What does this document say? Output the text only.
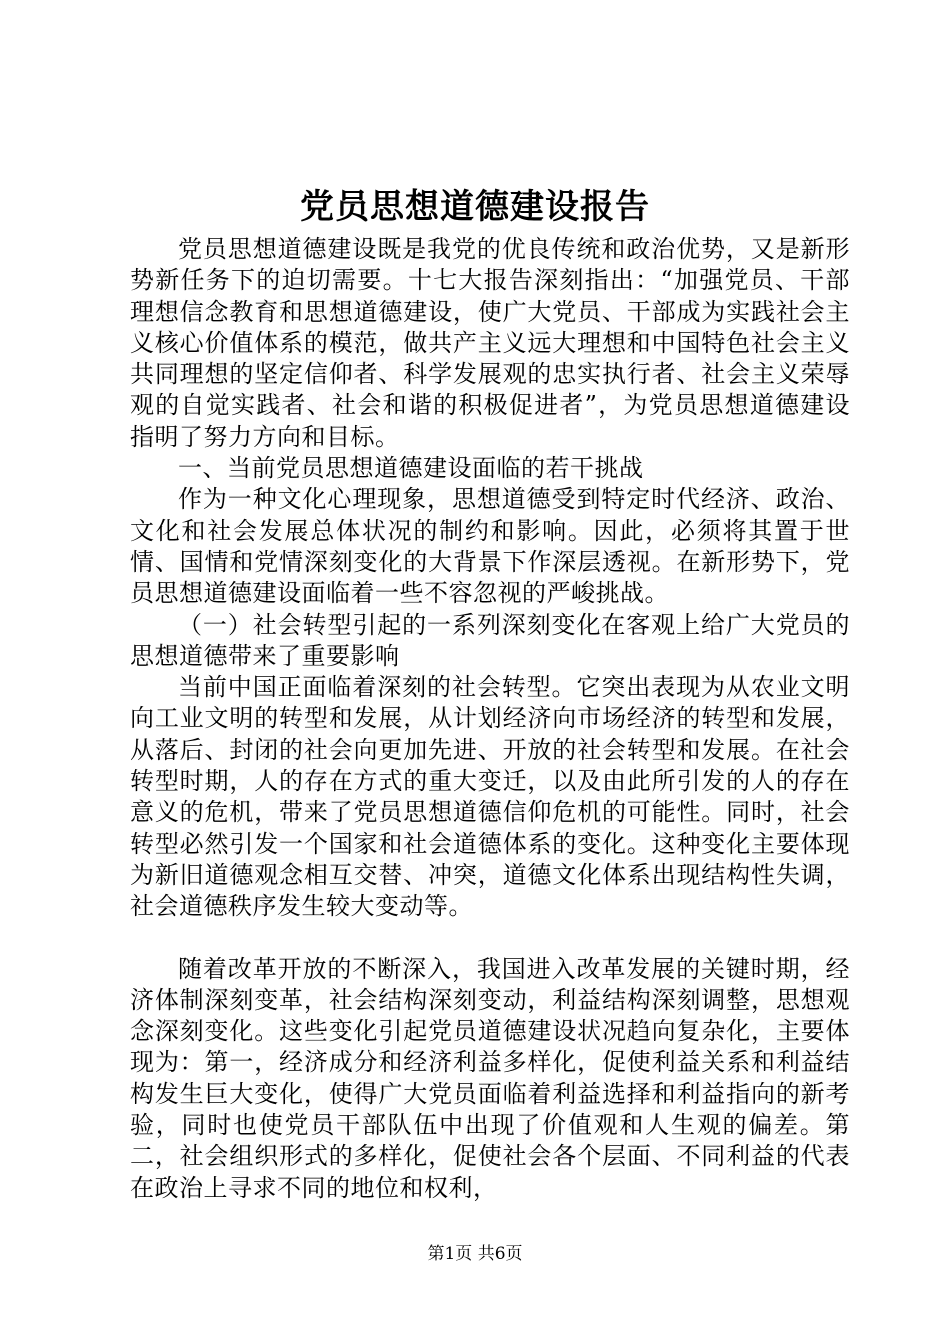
党员思想道德建设报告

党员思想道德建设既是我党的优良传统和政治优势，又是新形势新任务下的迫切需要。十七大报告深刻指出：“加强党员、干部理想信念教育和思想道德建设，使广大党员、干部成为实践社会主义核心价值体系的模范，做共产主义远大理想和中国特色社会主义共同理想的坚定信仰者、科学发展观的忠实执行者、社会主义荣辱观的自觉实践者、社会和谐的积极促进者”，为党员思想道德建设指明了努力方向和目标。

一、当前党员思想道德建设面临的若干挑战

作为一种文化心理现象，思想道德受到特定时代经济、政治、文化和社会发展总体状况的制约和影响。因此，必须将其置于世情、国情和党情深刻变化的大背景下作深层透视。在新形势下，党员思想道德建设面临着一些不容忽视的严峻挑战。

（一）社会转型引起的一系列深刻变化在客观上给广大党员的思想道德带来了重要影响

当前中国正面临着深刻的社会转型。它突出表现为从农业文明向工业文明的转型和发展，从计划经济向市场经济的转型和发展，从落后、封闭的社会向更加先进、开放的社会转型和发展。在社会转型时期，人的存在方式的重大变迁，以及由此所引发的人的存在意义的危机，带来了党员思想道德信仰危机的可能性。同时，社会转型必然引发一个国家和社会道德体系的变化。这种变化主要体现为新旧道德观念相互交替、冲突，道德文化体系出现结构性失调，社会道德秩序发生较大变动等。

随着改革开放的不断深入，我国进入改革发展的关键时期，经济体制深刻变革，社会结构深刻变动，利益结构深刻调整，思想观念深刻变化。这些变化引起党员道德建设状况趋向复杂化，主要体现为：第一，经济成分和经济利益多样化，促使利益关系和利益结构发生巨大变化，使得广大党员面临着利益选择和利益指向的新考验，同时也使党员干部队伍中出现了价值观和人生观的偏差。第二，社会组织形式的多样化，促使社会各个层面、不同利益的代表在政治上寻求不同的地位和权利，

第1页 共6页
